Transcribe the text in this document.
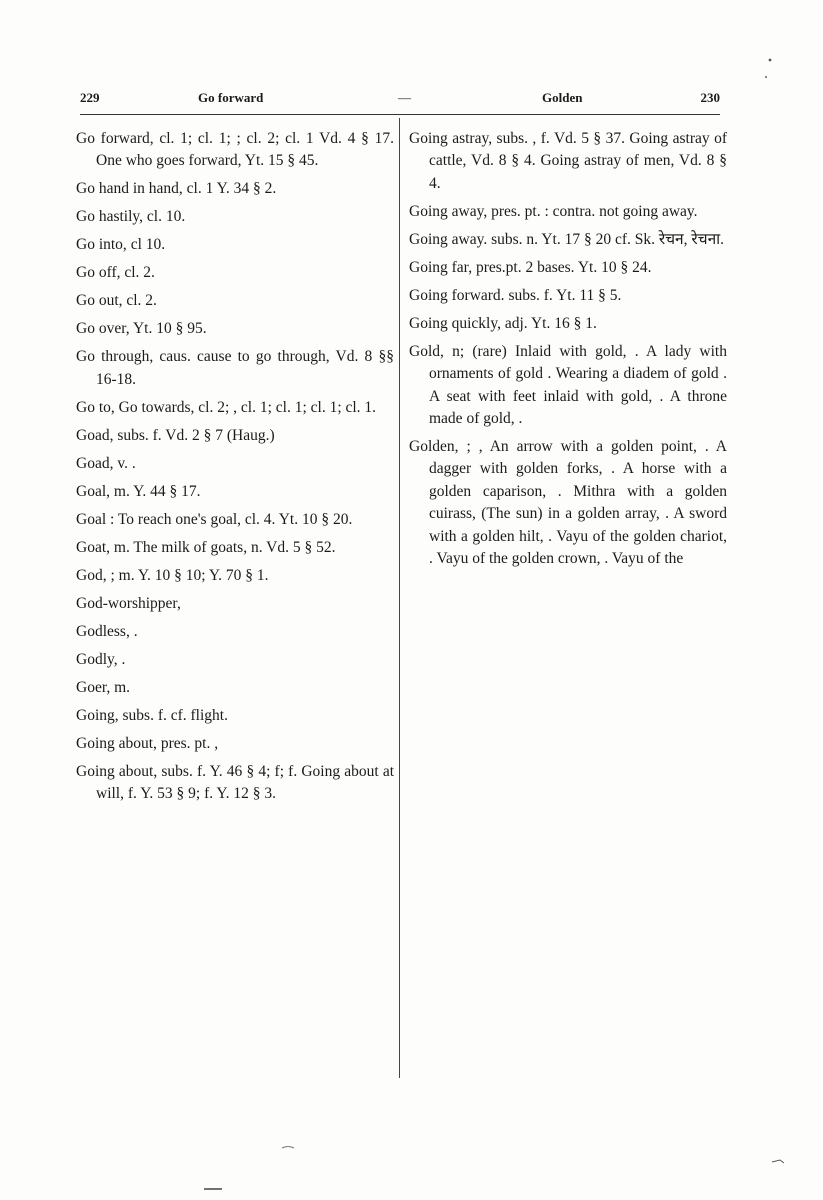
229	Go forward	—	Golden	230

Go forward, cl. 1; cl. 1; ; cl. 2; cl. 1 Vd. 4 § 17. One who goes forward, Yt. 15 § 45.

Go hand in hand, cl. 1 Y. 34 § 2.

Go hastily, cl. 10.

Go into, cl 10.

Go off, cl. 2.

Go out, cl. 2.

Go over, Yt. 10 § 95.

Go through, caus. cause to go through, Vd. 8 §§ 16-18.

Go to, Go towards, cl. 2; , cl. 1; cl. 1; cl. 1; cl. 1.

Goad, subs. f. Vd. 2 § 7 (Haug.)

Goad, v. .

Goal, m. Y. 44 § 17.

Goal : To reach one's goal, cl. 4. Yt. 10 § 20.

Goat, m. The milk of goats, n. Vd. 5 § 52.

God, ; m. Y. 10 § 10; Y. 70 § 1.

God-worshipper,

Godless, .

Godly, .

Goer, m.

Going, subs. f. cf. flight.

Going about, pres. pt. ,

Going about, subs. f. Y. 46 § 4; f; f. Going about at will, f. Y. 53 § 9; f. Y. 12 § 3.

Going astray, subs. , f. Vd. 5 § 37. Going astray of cattle, Vd. 8 § 4. Going astray of men, Vd. 8 § 4.

Going away, pres. pt. : contra. not going away.

Going away. subs. n. Yt. 17 § 20 cf. Sk. रेचन, रेचना.

Going far, pres.pt. 2 bases. Yt. 10 § 24.

Going forward. subs. f. Yt. 11 § 5.

Going quickly, adj. Yt. 16 § 1.

Gold, n; (rare) Inlaid with gold, . A lady with ornaments of gold . Wearing a diadem of gold . A seat with feet inlaid with gold, . A throne made of gold, .

Golden, ; , An arrow with a golden point, . A dagger with golden forks, . A horse with a golden caparison, . Mithra with a golden cuirass, (The sun) in a golden array, . A sword with a golden hilt, . Vayu of the golden chariot, . Vayu of the golden crown, . Vayu of the
